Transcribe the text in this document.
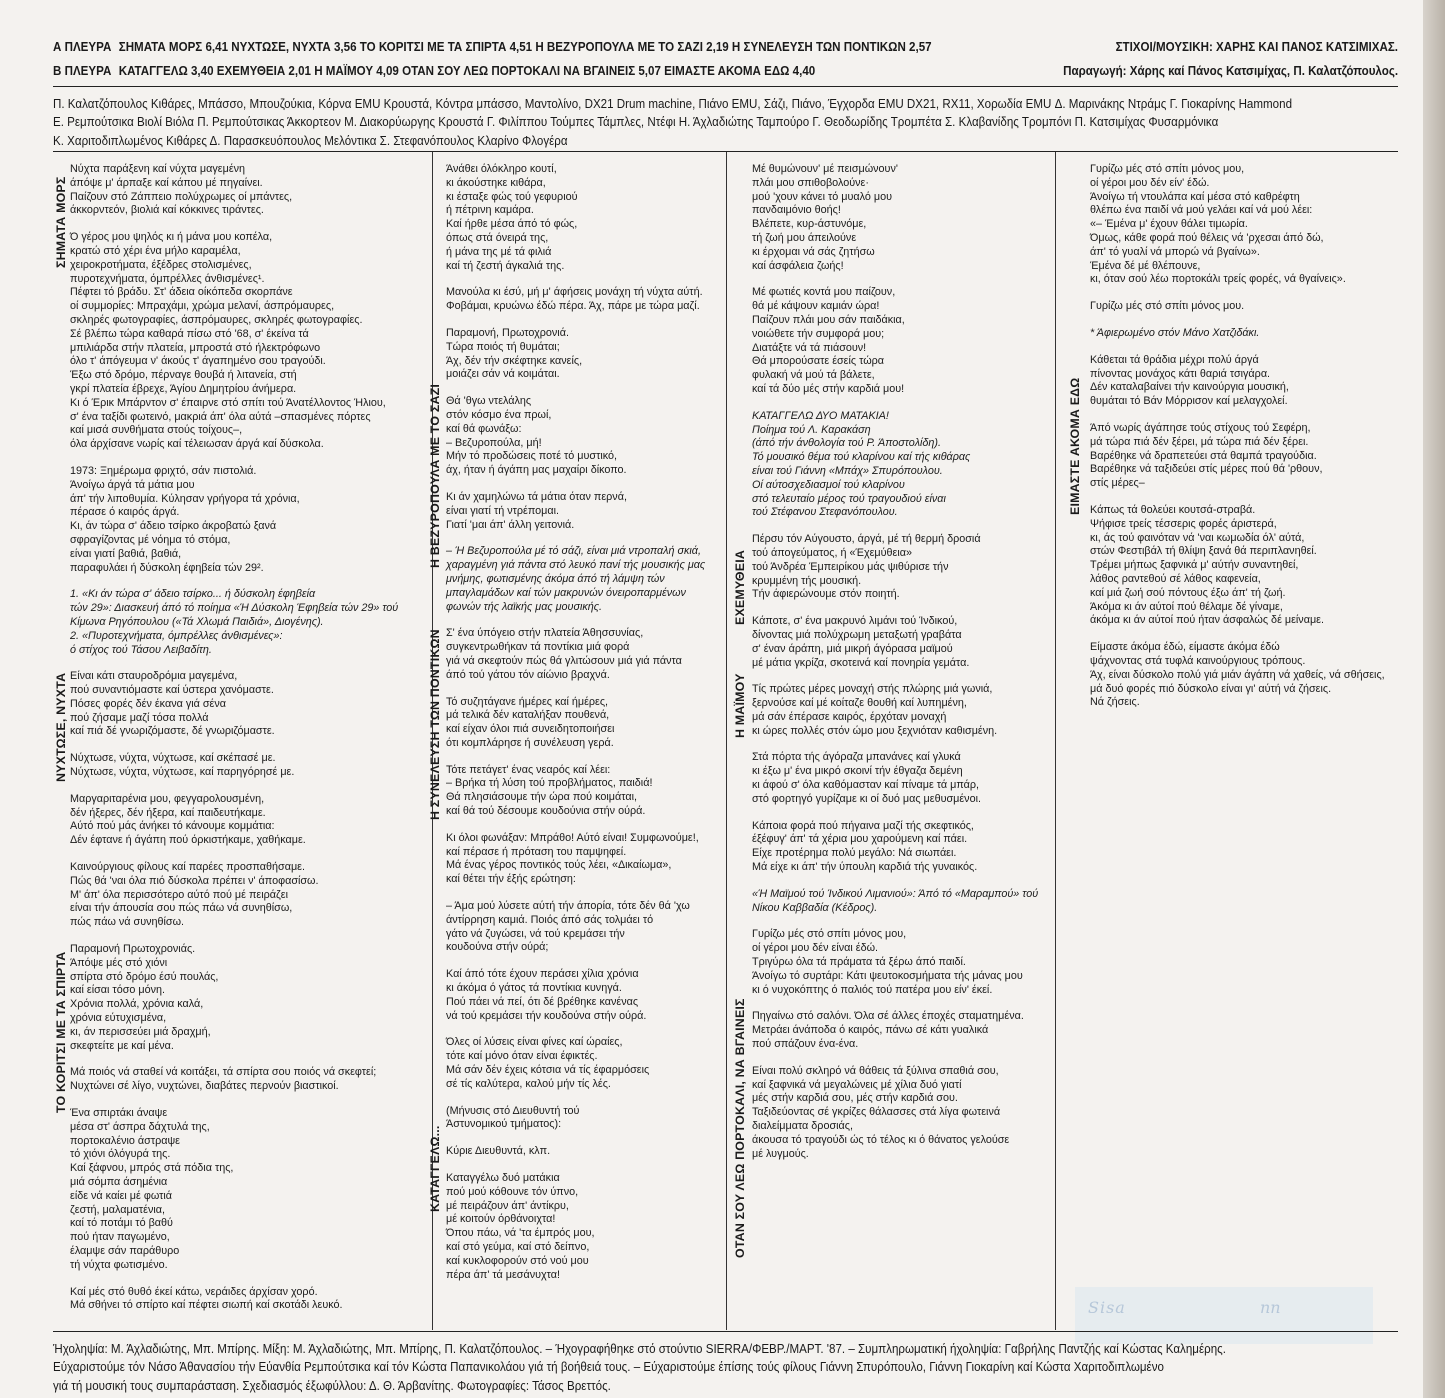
Α ΠΛΕΥΡΑ ΣΗΜΑΤΑ ΜΟΡΣ 6,41 ΝΥΧΤΩΣΕ, ΝΥΧΤΑ 3,56 ΤΟ ΚΟΡΙΤΣΙ ΜΕ ΤΑ ΣΠΙΡΤΑ 4,51 Η ΒΕΖΥΡΟΠΟΥΛΑ ΜΕ ΤΟ ΣΑΖΙ 2,19 Η ΣΥΝΕΛΕΥΣΗ ΤΩΝ ΠΟΝΤΙΚΩΝ 2,57	ΣΤΙΧΟΙ/ΜΟΥΣΙΚΗ: ΧΑΡΗΣ ΚΑΙ ΠΑΝΟΣ ΚΑΤΣΙΜΙΧΑΣ.
Β ΠΛΕΥΡΑ ΚΑΤΑΓΓΕΛΩ 3,40 ΕΧΕΜΥΘΕΙΑ 2,01 Η ΜΑΪΜΟΥ 4,09 ΟΤΑΝ ΣΟΥ ΛΕΩ ΠΟΡΤΟΚΑΛΙ ΝΑ ΒΓΑΙΝΕΙΣ 5,07 ΕΙΜΑΣΤΕ ΑΚΟΜΑ ΕΔΩ 4,40	Παραγωγή: Χάρης καί Πάνος Κατσιμίχας, Π. Καλατζόπουλος.
Π. Καλατζόπουλος Κιθάρες, Μπάσσο, Μπουζούκια, Κόρνα EMU Κρουστά, Κόντρα μπάσσο, Μαντολίνο, DX21 Drum machine, Πιάνο EMU, Σάζι, Πιάνο, Έγχορδα EMU DX21, RX11, Χορωδία EMU Δ. Μαρινάκης Ντράμς Γ. Γιοκαρίνης Hammond
Ε. Ρεμπούτσικα Βιολί Βιόλα Π. Ρεμπούτσικας Άκκορτεον Μ. Διακορύωργης Κρουστά Γ. Φιλίππου Τούμπες Τάμπλες, Ντέφι Η. Άχλαδιώτης Ταμπούρο Γ. Θεοδωρίδης Τρομπέτα Σ. Κλαβανίδης Τρομπόνι Π. Κατσιμίχας Φυσαρμόνικα
Κ. Χαριτοδιπλωμένος Κιθάρες Δ. Παρασκευόπουλος Μελόντικα Σ. Στεφανόπουλος Κλαρίνο Φλογέρα
ΣΗΜΑΤΑ ΜΟΡΣ
ΝΥΧΤΩΣΕ, ΝΥΧΤΑ
ΤΟ ΚΟΡΙΤΣΙ ΜΕ ΤΑ ΣΠΙΡΤΑ
Η ΒΕΖΥΡΟΠΟΥΛΑ ΜΕ ΤΟ ΣΑΖΙ
Η ΣΥΝΕΛΕΥΣΗ ΤΩΝ ΠΟΝΤΙΚΩΝ
ΚΑΤΑΓΓΕΛΩ...
ΕΧΕΜΥΘΕΙΑ
Η ΜΑΪΜΟΥ
ΟΤΑΝ ΣΟΥ ΛΕΩ ΠΟΡΤΟΚΑΛΙ, ΝΑ ΒΓΑΙΝΕΙΣ
ΕΙΜΑΣΤΕ ΑΚΟΜΑ ΕΔΩ

Νύχτα παράξενη καί νύχτα μαγεμένη
άπόψε μ' άρπαξε καί κάπου μέ πηγαίνει.
Παίζουν στό Ζάππειο πολύχρωμες οί μπάντες,
άκκορντεόν, βιολιά καί κόκκινες τιράντες.

Ό γέρος μου ψηλός κι ή μάνα μου κοπέλα,
κρατώ στό χέρι ένα μήλο καραμέλα,
χειροκροτήματα, έξέδρες στολισμένες,
πυροτεχνήματα, όμπρέλλες άνθισμένες¹.
Πέφτει τό βράδυ. Στ' άδεια οίκόπεδα σκορπάνε
οί συμμορίες: Μπραχάμι, χρώμα μελανί, άσπρόμαυρες,
σκληρές φωτογραφίες, άσπρόμαυρες, σκληρές φωτογραφίες.
Σέ βλέπω τώρα καθαρά πίσω στό '68, σ' έκείνα τά
μπιλιάρδα στήν πλατεία, μπροστά στό ήλεκτρόφωνο
όλο τ' άπόγευμα ν' άκούς τ' άγαπημένο σου τραγούδι.
Έξω στό δρόμο, πέρναγε θουβά ή λιτανεία, στή
γκρί πλατεία έβρεχε, Άγίου Δημητρίου άνήμερα.
Κι ό Έρικ Μπάρντον σ' έπαιρνε στό σπίτι τού Άνατέλλοντος Ήλιου,
σ' ένα ταξίδι φωτεινό, μακριά άπ' όλα αύτά –σπασμένες πόρτες
καί μισά συνθήματα στούς τοίχους–,
όλα άρχίσανε νωρίς καί τέλειωσαν άργά καί δύσκολα.

1973: Ξημέρωμα φριχτό, σάν πιστολιά.
Άνοίγω άργά τά μάτια μου
άπ' τήν λιποθυμία. Κύλησαν γρήγορα τά χρόνια,
πέρασε ό καιρός άργά.
Κι, άν τώρα σ' άδειο τσίρκο άκροβατώ ξανά
σφραγίζοντας μέ νόημα τό στόμα,
είναι γιατί βαθιά, βαθιά,
παραφυλάει ή δύσκολη έφηβεία τών 29².

1. «Κι άν τώρα σ' άδειο τσίρκο... ή δύσκολη έφηβεία
τών 29»: Διασκευή άπό τό ποίημα «Ή Δύσκολη Έφηβεία τών 29» τού
Κίμωνα Ρηγόπουλου («Τά Χλωμά Παιδιά», Διογένης).
2. «Πυροτεχνήματα, όμπρέλλες άνθισμένες»:
ό στίχος τού Τάσου Λειβαδίτη.

Είναι κάτι σταυροδρόμια μαγεμένα,
πού συναντιόμαστε καί ύστερα χανόμαστε.
Πόσες φορές δέν έκανα γιά σένα
πού ζήσαμε μαζί τόσα πολλά
καί πιά δέ γνωριζόμαστε, δέ γνωριζόμαστε.

Νύχτωσε, νύχτα, νύχτωσε, καί σκέπασέ με.
Νύχτωσε, νύχτα, νύχτωσε, καί παρηγόρησέ με.

Μαργαριταρένια μου, φεγγαρολουσμένη,
δέν ήξερες, δέν ήξερα, καί παιδευτήκαμε.
Αύτό πού μάς άνήκει τό κάνουμε κομμάτια:
Δέν έφτανε ή άγάπη πού όρκιστήκαμε, χαθήκαμε.

Καινούργιους φίλους καί παρέες προσπαθήσαμε.
Πώς θά 'ναι όλα πιό δύσκολα πρέπει ν' άποφασίσω.
Μ' άπ' όλα περισσότερο αύτό πού μέ πειράζει
είναι τήν άπουσία σου πώς πάω νά συνηθίσω,
πώς πάω νά συνηθίσω.

Παραμονή Πρωτοχρονιάς.
Άπόψε μές στό χιόνι
σπίρτα στό δρόμο έσύ πουλάς,
καί είσαι τόσο μόνη.
Χρόνια πολλά, χρόνια καλά,
χρόνια εύτυχισμένα,
κι, άν περισσεύει μιά δραχμή,
σκεφτείτε με καί μένα.

Μά ποιός νά σταθεί νά κοιτάξει, τά σπίρτα σου ποιός νά σκεφτεί;
Νυχτώνει σέ λίγο, νυχτώνει, διαβάτες περνούν βιαστικοί.

Ένα σπιρτάκι άναψε
μέσα στ' άσπρα δάχτυλά της,
πορτοκαλένιο άστραψε
τό χιόνι όλόγυρά της.
Καί ξάφνου, μπρός στά πόδια της,
μιά σόμπα άσημένια
είδε νά καίει μέ φωτιά
ζεστή, μαλαματένια,
καί τό ποτάμι τό βαθύ
πού ήταν παγωμένο,
έλαμψε σάν παράθυρο
τή νύχτα φωτισμένο.

Καί μές στό θυθό έκεί κάτω, νεράιδες άρχίσαν χορό.
Μά σθήνει τό σπίρτο καί πέφτει σιωπή καί σκοτάδι λευκό.

Άνάθει όλόκληρο κουτί,
κι άκούστηκε κιθάρα,
κι έσταξε φώς τού γεφυριού
ή πέτρινη καμάρα.
Καί ήρθε μέσα άπό τό φώς,
όπως στά όνειρά της,
ή μάνα της μέ τά φιλιά
καί τή ζεστή άγκαλιά της.

Μανούλα κι έσύ, μή μ' άφήσεις μονάχη τή νύχτα αύτή.
Φοβάμαι, κρυώνω έδώ πέρα. Άχ, πάρε με τώρα μαζί.

Παραμονή, Πρωτοχρονιά.
Τώρα ποιός τή θυμάται;
Άχ, δέν τήν σκέφτηκε κανείς,
μοιάζει σάν νά κοιμάται.

Θά 'θγω ντελάλης
στόν κόσμο ένα πρωί,
καί θά φωνάξω:
– Βεζυροπούλα, μή!
Μήν τό προδώσεις ποτέ τό μυστικό,
άχ, ήταν ή άγάπη μας μαχαίρι δίκοπο.

Κι άν χαμηλώνω τά μάτια όταν περνά,
είναι γιατί τή ντρέπομαι.
Γιατί 'μαι άπ' άλλη γειτονιά.

– Ή Βεζυροπούλα μέ τό σάζι, είναι μιά ντροπαλή σκιά,
χαραγμένη γιά πάντα στό λευκό πανί τής μουσικής μας
μνήμης, φωτισμένης άκόμα άπό τή λάμψη τών
μπαγλαμάδων καί τών μακρυνών όνειροπαρμένων
φωνών τής λαϊκής μας μουσικής.

Σ' ένα ύπόγειο στήν πλατεία Άθησσυνίας,
συγκεντρωθήκαν τά ποντίκια μιά φορά
γιά νά σκεφτούν πώς θά γλιτώσουν μιά γιά πάντα
άπό τού γάτου τόν αίώνιο βραχνά.

Τό συζητάγανε ήμέρες καί ήμέρες,
μά τελικά δέν καταλήξαν πουθενά,
καί είχαν όλοι πιά συνειδητοποιήσει
ότι κομπλάρησε ή συνέλευση γερά.

Τότε πετάγετ' ένας νεαρός καί λέει:
– Βρήκα τή λύση τού προβλήματος, παιδιά!
Θά πλησιάσουμε τήν ώρα πού κοιμάται,
καί θά τού δέσουμε κουδούνια στήν ούρά.

Κι όλοι φωνάξαν: Μπράθο! Αύτό είναι! Συμφωνούμε!,
καί πέρασε ή πρόταση του παμψηφεί.
Μά ένας γέρος ποντικός τούς λέει, «Δικαίωμα»,
καί θέτει τήν έξής ερώτηση:

– Άμα μού λύσετε αύτή τήν άπορία, τότε δέν θά 'χω
άντίρρηση καμιά. Ποιός άπό σάς τολμάει τό
γάτο νά ζυγώσει, νά τού κρεμάσει τήν
κουδούνα στήν ούρά;

Καί άπό τότε έχουν περάσει χίλια χρόνια
κι άκόμα ό γάτος τά ποντίκια κυνηγά.
Πού πάει νά πεί, ότι δέ βρέθηκε κανένας
νά τού κρεμάσει τήν κουδούνα στήν ούρά.

Όλες οί λύσεις είναι φίνες καί ώραίες,
τότε καί μόνο όταν είναι έφικτές.
Μά σάν δέν έχεις κότσια νά τίς έφαρμόσεις
σέ τίς καλύτερα, καλού μήν τίς λές.

(Μήνυσις στό Διευθυντή τού
Άστυνομικού τμήματος):

Κύριε Διευθυντά, κλπ.

Καταγγέλω δυό ματάκια
πού μού κόθουνε τόν ύπνο,
μέ πειράζουν άπ' άντίκρυ,
μέ κοιτούν όρθάνοιχτα!
Όπου πάω, νά 'τα έμπρός μου,
καί στό γεύμα, καί στό δείπνο,
καί κυκλοφορούν στό νού μου
πέρα άπ' τά μεσάνυχτα!

Μέ θυμώνουν' μέ πεισμώνουν'
πλάι μου σπιθοβολούνε·
μού 'χουν κάνει τό μυαλό μου
πανδαιμόνιο θοής!
Βλέπετε, κυρ-άστυνόμε,
τή ζωή μου άπειλούνε
κι έρχομαι νά σάς ζητήσω
καί άσφάλεια ζωής!

Μέ φωτιές κοντά μου παίζουν,
θά μέ κάψουν καμιάν ώρα!
Παίζουν πλάι μου σάν παιδάκια,
νοιώθετε τήν συμφορά μου;
Διατάξτε νά τά πιάσουν!
Θά μπορούσατε έσείς τώρα
φυλακή νά μού τά βάλετε,
καί τά δύο μές στήν καρδιά μου!

ΚΑΤΑΓΓΕΛΩ ΔΥΟ ΜΑΤΑΚΙΑ!
Ποίημα τού Λ. Καρακάση
(άπό τήν άνθολογία τού Ρ. Άποστολίδη).
Τό μουσικό θέμα τού κλαρίνου καί τής κιθάρας
είναι τού Γιάννη «Μπάχ» Σπυρόπουλου.
Οί αύτοσχεδιασμοί τού κλαρίνου
στό τελευταίο μέρος τού τραγουδιού είναι
τού Στέφανου Στεφανόπουλου.

Πέρσυ τόν Αύγουστο, άργά, μέ τή θερμή δροσιά
τού άπογεύματος, ή «Έχεμύθεια»
τού Άνδρέα Έμπειρίκου μάς ψιθύρισε τήν
κρυμμένη τής μουσική.
Τήν άφιερώνουμε στόν ποιητή.

Κάποτε, σ' ένα μακρυνό λιμάνι τού Ίνδικού,
δίνοντας μιά πολύχρωμη μεταξωτή γραβάτα
σ' έναν άράπη, μιά μικρή άγόρασα μαϊμού
μέ μάτια γκρίζα, σκοτεινά καί πονηρία γεμάτα.

Τίς πρώτες μέρες μοναχή στής πλώρης μιά γωνιά,
ξερνούσε καί μέ κοίταζε θουθή καί λυπημένη,
μά σάν έπέρασε καιρός, έρχόταν μοναχή
κι ώρες πολλές στόν ώμο μου ξεχνιόταν καθισμένη.

Στά πόρτα τής άγόραζα μπανάνες καί γλυκά
κι έξω μ' ένα μικρό σκοινί τήν έθγαζα δεμένη
κι άφού σ' όλα καθόμασταν καί πίναμε τά μπάρ,
στό φορτηγό γυρίζαμε κι οί δυό μας μεθυσμένοι.

Κάποια φορά πού πήγαινα μαζί τής σκεφτικός,
έξέφυγ' άπ' τά χέρια μου χαρούμενη καί πάει.
Είχε προτέρημα πολύ μεγάλο: Νά σιωπάει.
Μά είχε κι άπ' τήν ύπουλη καρδιά τής γυναικός.

«Ή Μαϊμού τού Ίνδικού Λιμανιού»: Άπό τό «Μαραμπού» τού
Νίκου Καββαδία (Κέδρος).

Γυρίζω μές στό σπίτι μόνος μου,
οί γέροι μου δέν είναι έδώ.
Τριγύρω όλα τά πράματα τά ξέρω άπό παιδί.
Άνοίγω τό συρτάρι: Κάτι ψευτοκοσμήματα τής μάνας μου
κι ό νυχοκόπτης ό παλιός τού πατέρα μου είν' έκεί.

Πηγαίνω στό σαλόνι. Όλα σέ άλλες έποχές σταματημένα.
Μετράει άνάποδα ό καιρός, πάνω σέ κάτι γυαλικά
πού σπάζουν ένα-ένα.

Είναι πολύ σκληρό νά θάθεις τά ξύλινα σπαθιά σου,
καί ξαφνικά νά μεγαλώνεις μέ χίλια δυό γιατί
μές στήν καρδιά σου, μές στήν καρδιά σου.
Ταξιδεύοντας σέ γκρίζες θάλασσες στά λίγα φωτεινά
διαλείμματα δροσιάς,
άκουσα τό τραγούδι ώς τό τέλος κι ό θάνατος γελούσε
μέ λυγμούς.

Γυρίζω μές στό σπίτι μόνος μου,
οί γέροι μου δέν είν' έδώ.
Άνοίγω τή ντουλάπα καί μέσα στό καθρέφτη
θλέπω ένα παιδί νά μού γελάει καί νά μού λέει:
«– Έμένα μ' έχουν θάλει τιμωρία.
Όμως, κάθε φορά πού θέλεις νά 'ρχεσαι άπό δώ,
άπ' τό γυαλί νά μπορώ νά βγαίνω».
Έμένα δέ μέ θλέπουνε,
κι, όταν σού λέω πορτοκάλι τρείς φορές, νά θγαίνεις».

Γυρίζω μές στό σπίτι μόνος μου.

* Άφιερωμένο στόν Μάνο Χατζιδάκι.

Κάθεται τά θράδια μέχρι πολύ άργά
πίνοντας μονάχος κάτι θαριά τσιγάρα.
Δέν καταλαβαίνει τήν καινούργια μουσική,
θυμάται τό Βάν Μόρρισον καί μελαγχολεί.

Άπό νωρίς άγάπησε τούς στίχους τού Σεφέρη,
μά τώρα πιά δέν ξέρει, μά τώρα πιά δέν ξέρει.
Βαρέθηκε νά δραπετεύει στά θαμπά τραγούδια.
Βαρέθηκε νά ταξιδεύει στίς μέρες πού θά 'ρθουν,
στίς μέρες–

Κάπως τά θολεύει κουτσά-στραβά.
Ψήφισε τρείς τέσσερις φορές άριστερά,
κι, άς τού φαινόταν νά 'ναι κωμωδία όλ' αύτά,
στών Φεστιβάλ τή θλίψη ξανά θά περιπλανηθεί.
Τρέμει μήπως ξαφνικά μ' αύτήν συναντηθεί,
λάθος ραντεθού σέ λάθος καφενεία,
καί μιά ζωή σού πόντους έξω άπ' τή ζωή.
Άκόμα κι άν αύτοί πού θέλαμε δέ γίναμε,
άκόμα κι άν αύτοί πού ήταν άσφαλώς δέ μείναμε.

Είμαστε άκόμα έδώ, είμαστε άκόμα έδώ
ψάχνοντας στά τυφλά καινούργιους τρόπους.
Άχ, είναι δύσκολο πολύ γιά μιάν άγάπη νά χαθείς, νά σθήσεις,
μά δυό φορές πιό δύσκολο είναι γι' αύτή νά ζήσεις.
Νά ζήσεις.

Sisa	nn
Ήχοληψία: Μ. Άχλαδιώτης, Μπ. Μπίρης. Μίξη: Μ. Άχλαδιώτης, Μπ. Μπίρης, Π. Καλατζόπουλος. – Ήχογραφήθηκε στό στούντιο SIERRA/ΦΕΒΡ./ΜΑΡΤ. '87. – Συμπληρωματική ήχοληψία: Γαβρήλης Παντζής καί Κώστας Καλημέρης.
Εύχαριστούμε τόν Νάσο Άθανασίου τήν Εύανθία Ρεμπούτσικα καί τόν Κώστα Παπανικολάου γιά τή βοήθειά τους. – Εύχαριστούμε έπίσης τούς φίλους Γιάννη Σπυρόπουλο, Γιάννη Γιοκαρίνη καί Κώστα Χαριτοδιπλωμένο
γιά τή μουσική τους συμπαράσταση. Σχεδιασμός έξωφύλλου: Δ. Θ. Άρβανίτης. Φωτογραφίες: Τάσος Βρεττός.
